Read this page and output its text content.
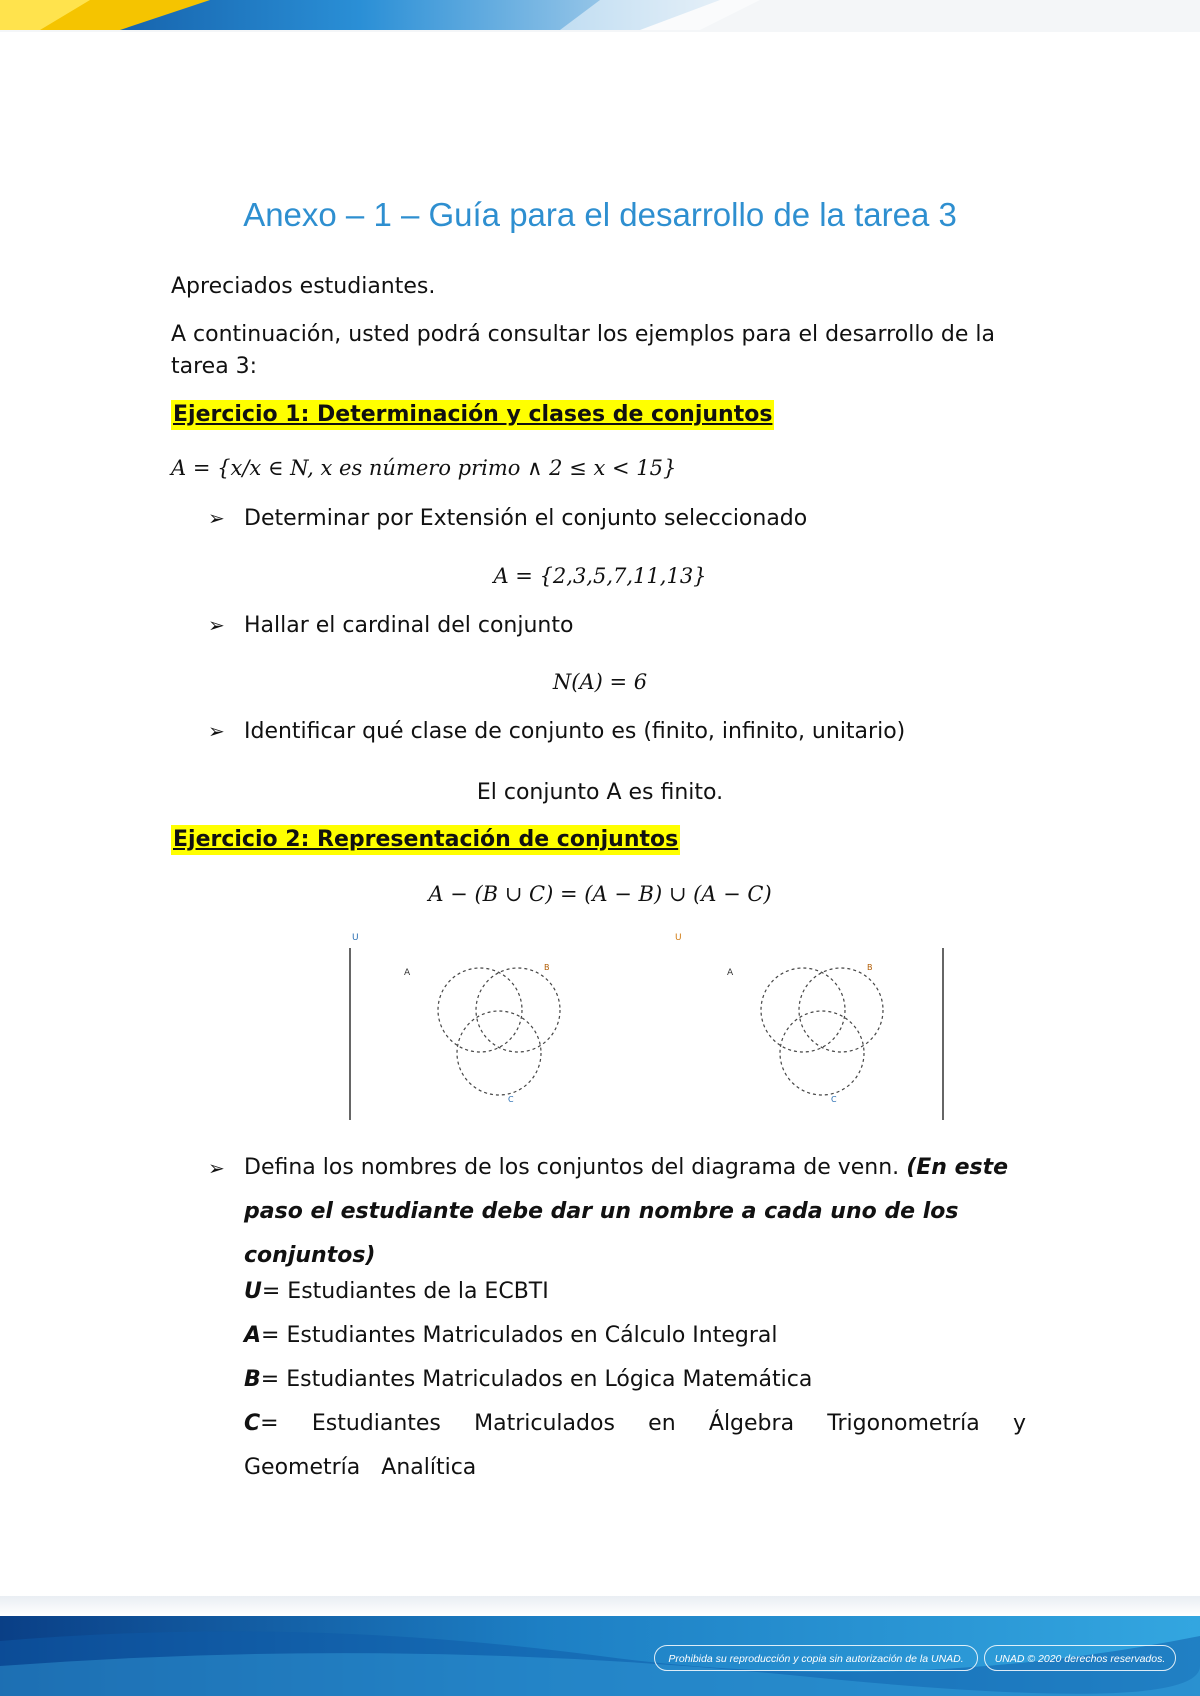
Anexo – 1 – Guía para el desarrollo de la tarea 3

Apreciados estudiantes.

A continuación, usted podrá consultar los ejemplos para el desarrollo de la tarea 3:

Ejercicio 1: Determinación y clases de conjuntos
A = {x/x ∈ N, x es número primo ∧ 2 ≤ x < 15}
➢ Determinar por Extensión el conjunto seleccionado
A = {2,3,5,7,11,13}
➢ Hallar el cardinal del conjunto
N(A) = 6
➢ Identificar qué clase de conjunto es (finito, infinito, unitario)
El conjunto A es finito.
Ejercicio 2: Representación de conjuntos
A − (B ∪ C) = (A − B) ∪ (A − C)
U
A
B
C
U
A
B
C
➢ Defina los nombres de los conjuntos del diagrama de venn. (En este paso el estudiante debe dar un nombre a cada uno de los conjuntos)
U= Estudiantes de la ECBTI
A= Estudiantes Matriculados en Cálculo Integral
B= Estudiantes Matriculados en Lógica Matemática
C= Estudiantes Matriculados en Álgebra Trigonometría y Geometría Analítica
Prohibida su reproducción y copia sin autorización de la UNAD.	UNAD © 2020 derechos reservados.
